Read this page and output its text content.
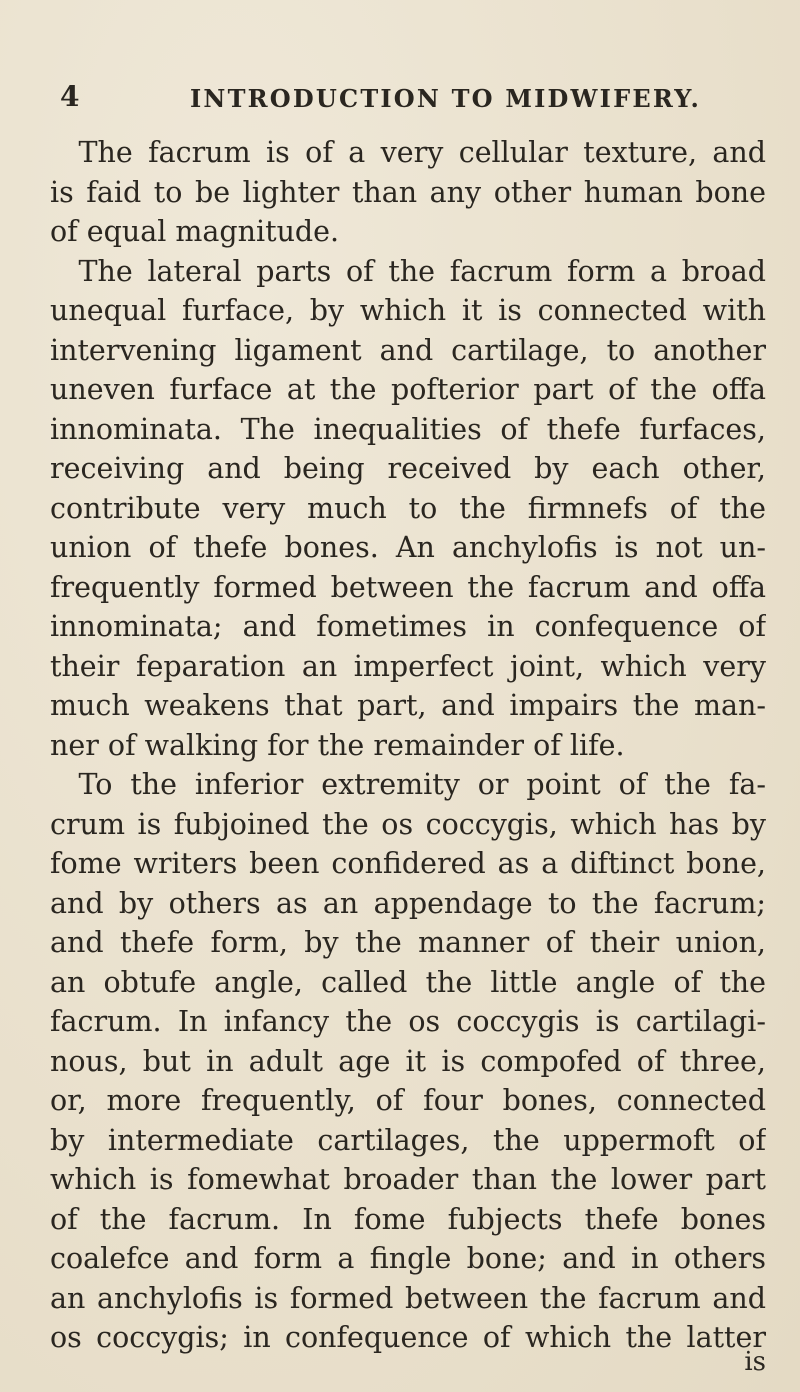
4	INTRODUCTION TO MIDWIFERY.
 The facrum is of a very cellular texture, and
is faid to be lighter than any other human bone
of equal magnitude.
 The lateral parts of the facrum form a broad
unequal furface, by which it is connected with
intervening ligament and cartilage, to another
uneven furface at the pofterior part of the offa
innominata. The inequalities of thefe furfaces,
receiving and being received by each other,
contribute very much to the firmnefs of the
union of thefe bones. An anchylofis is not un-
frequently formed between the facrum and offa
innominata; and fometimes in confequence of
their feparation an imperfect joint, which very
much weakens that part, and impairs the man-
ner of walking for the remainder of life.
 To the inferior extremity or point of the fa-
crum is fubjoined the os coccygis, which has by
fome writers been confidered as a diftinct bone,
and by others as an appendage to the facrum;
and thefe form, by the manner of their union,
an obtufe angle, called the little angle of the
facrum. In infancy the os coccygis is cartilagi-
nous, but in adult age it is compofed of three,
or, more frequently, of four bones, connected
by intermediate cartilages, the uppermoft of
which is fomewhat broader than the lower part
of the facrum. In fome fubjects thefe bones
coalefce and form a fingle bone; and in others
an anchylofis is formed between the facrum and
os coccygis; in confequence of which the latter
is
